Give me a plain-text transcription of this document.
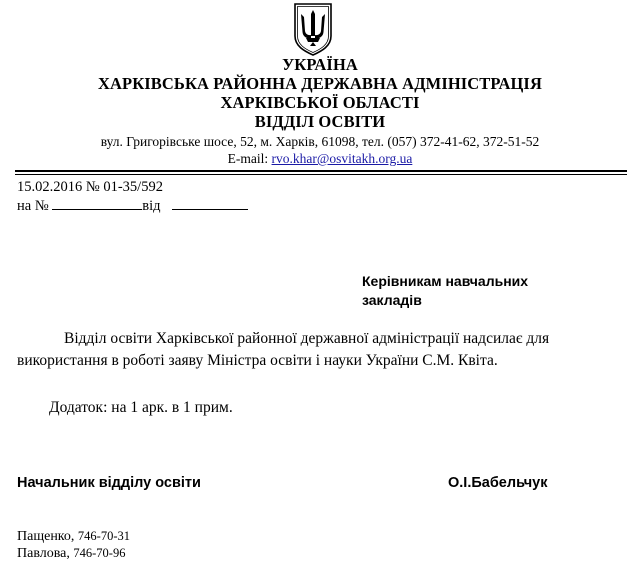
УКРАЇНА
ХАРКІВСЬКА РАЙОННА ДЕРЖАВНА АДМІНІСТРАЦІЯ
ХАРКІВСЬКОЇ ОБЛАСТІ
ВІДДІЛ ОСВІТИ
вул. Григорівське шосе, 52, м. Харків, 61098, тел. (057) 372-41-62, 372-51-52
E-mail: rvo.khar@osvitakh.org.ua
15.02.2016 № 01-35/592
на №	від
Керівникам навчальних
закладів
Відділ освіти Харківської районної державної адміністрації надсилає для
використання в роботі заяву Міністра освіти і науки України С.М. Квіта.
Додаток: на 1 арк. в 1 прим.
Начальник відділу освіти	О.І.Бабельчук
Пащенко, 746-70-31
Павлова, 746-70-96
